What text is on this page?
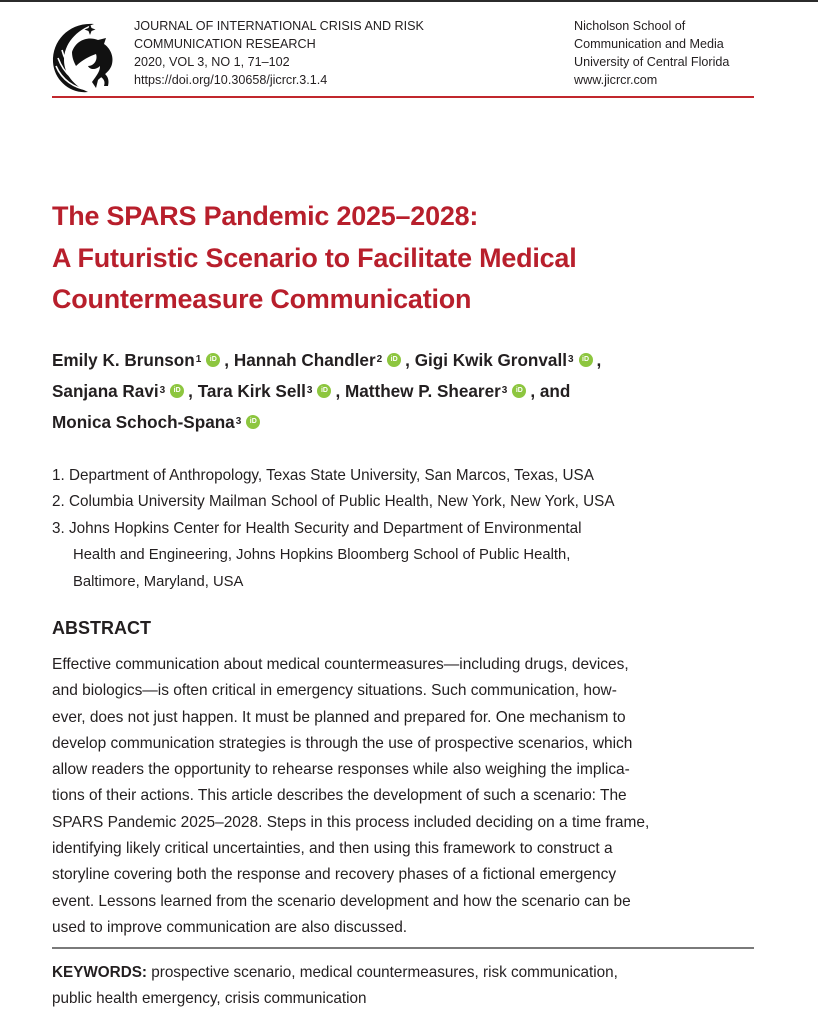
JOURNAL OF INTERNATIONAL CRISIS AND RISK
COMMUNICATION RESEARCH
2020, VOL 3, NO 1, 71–102
https://doi.org/10.30658/jicrcr.3.1.4
Nicholson School of
Communication and Media
University of Central Florida
www.jicrcr.com
The SPARS Pandemic 2025–2028:
A Futuristic Scenario to Facilitate Medical
Countermeasure Communication
Emily K. Brunson$^1$ iD , Hannah Chandler$^2$ iD , Gigi Kwik Gronvall$^3$ iD ,
Sanjana Ravi$^3$ iD , Tara Kirk Sell$^3$ iD , Matthew P. Shearer$^3$ iD , and
Monica Schoch-Spana$^3$ iD
1. Department of Anthropology, Texas State University, San Marcos, Texas, USA
2. Columbia University Mailman School of Public Health, New York, New York, USA
3. Johns Hopkins Center for Health Security and Department of Environmental
Health and Engineering, Johns Hopkins Bloomberg School of Public Health,
Baltimore, Maryland, USA
ABSTRACT
Effective communication about medical countermeasures—including drugs, devices,
and biologics—is often critical in emergency situations. Such communication, how-
ever, does not just happen. It must be planned and prepared for. One mechanism to
develop communication strategies is through the use of prospective scenarios, which
allow readers the opportunity to rehearse responses while also weighing the implica-
tions of their actions. This article describes the development of such a scenario: The
SPARS Pandemic 2025–2028. Steps in this process included deciding on a time frame,
identifying likely critical uncertainties, and then using this framework to construct a
storyline covering both the response and recovery phases of a fictional emergency
event. Lessons learned from the scenario development and how the scenario can be
used to improve communication are also discussed.
KEYWORDS: prospective scenario, medical countermeasures, risk communication,
public health emergency, crisis communication
